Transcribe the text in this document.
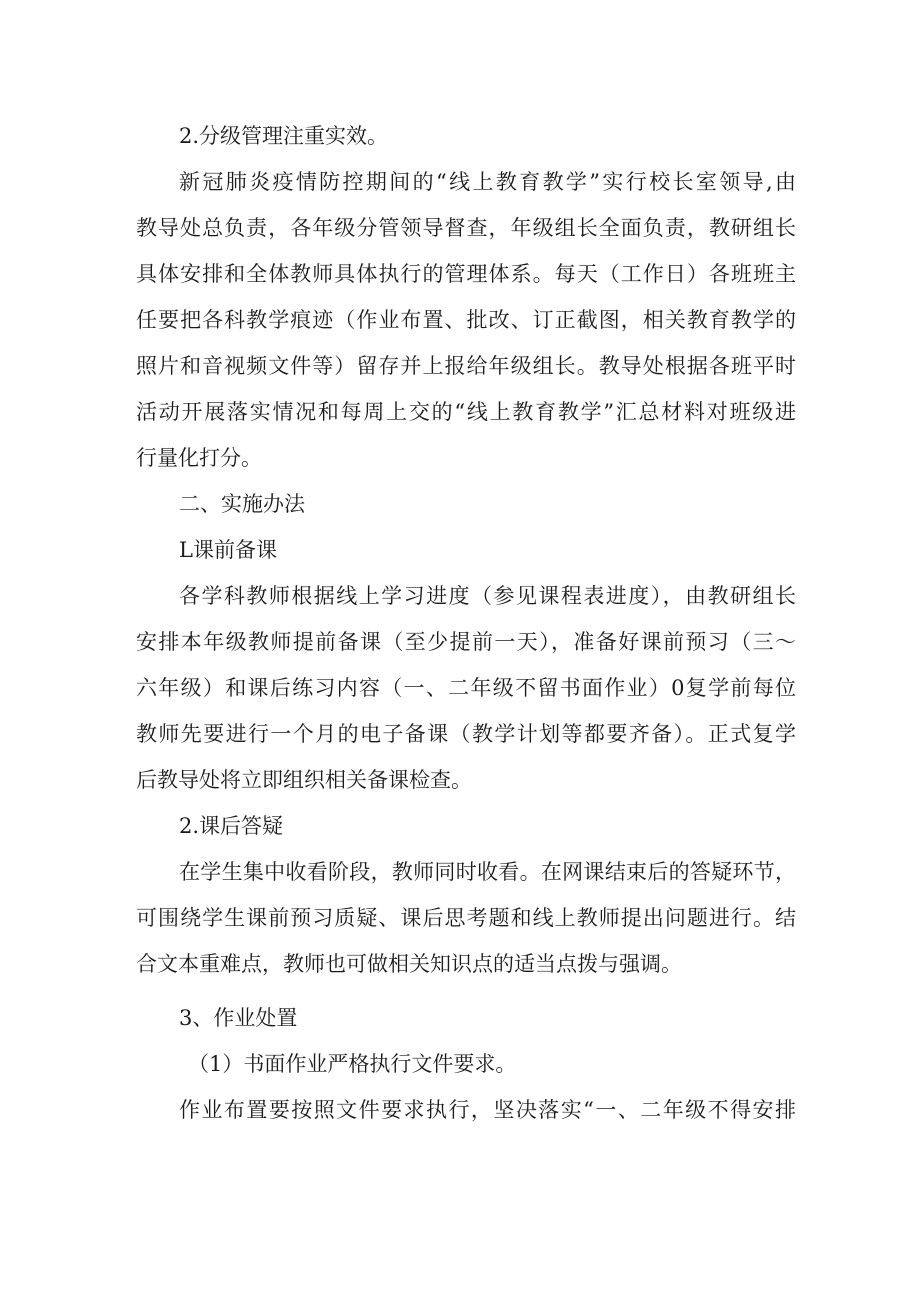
2.分级管理注重实效。
新冠肺炎疫情防控期间的“线上教育教学”实行校长室领导,由
教导处总负责，各年级分管领导督查，年级组长全面负责，教研组长
具体安排和全体教师具体执行的管理体系。每天（工作日）各班班主
任要把各科教学痕迹（作业布置、批改、订正截图，相关教育教学的
照片和音视频文件等）留存并上报给年级组长。教导处根据各班平时
活动开展落实情况和每周上交的“线上教育教学”汇总材料对班级进
行量化打分。
二、实施办法
L课前备课
各学科教师根据线上学习进度（参见课程表进度），由教研组长
安排本年级教师提前备课（至少提前一天），准备好课前预习（三〜
六年级）和课后练习内容（一、二年级不留书面作业）0复学前每位
教师先要进行一个月的电子备课（教学计划等都要齐备）。正式复学
后教导处将立即组织相关备课检查。
2.课后答疑
在学生集中收看阶段，教师同时收看。在网课结束后的答疑环节，
可围绕学生课前预习质疑、课后思考题和线上教师提出问题进行。结
合文本重难点，教师也可做相关知识点的适当点拨与强调。
3、作业处置
（1）书面作业严格执行文件要求。
作业布置要按照文件要求执行，坚决落实“一、二年级不得安排
